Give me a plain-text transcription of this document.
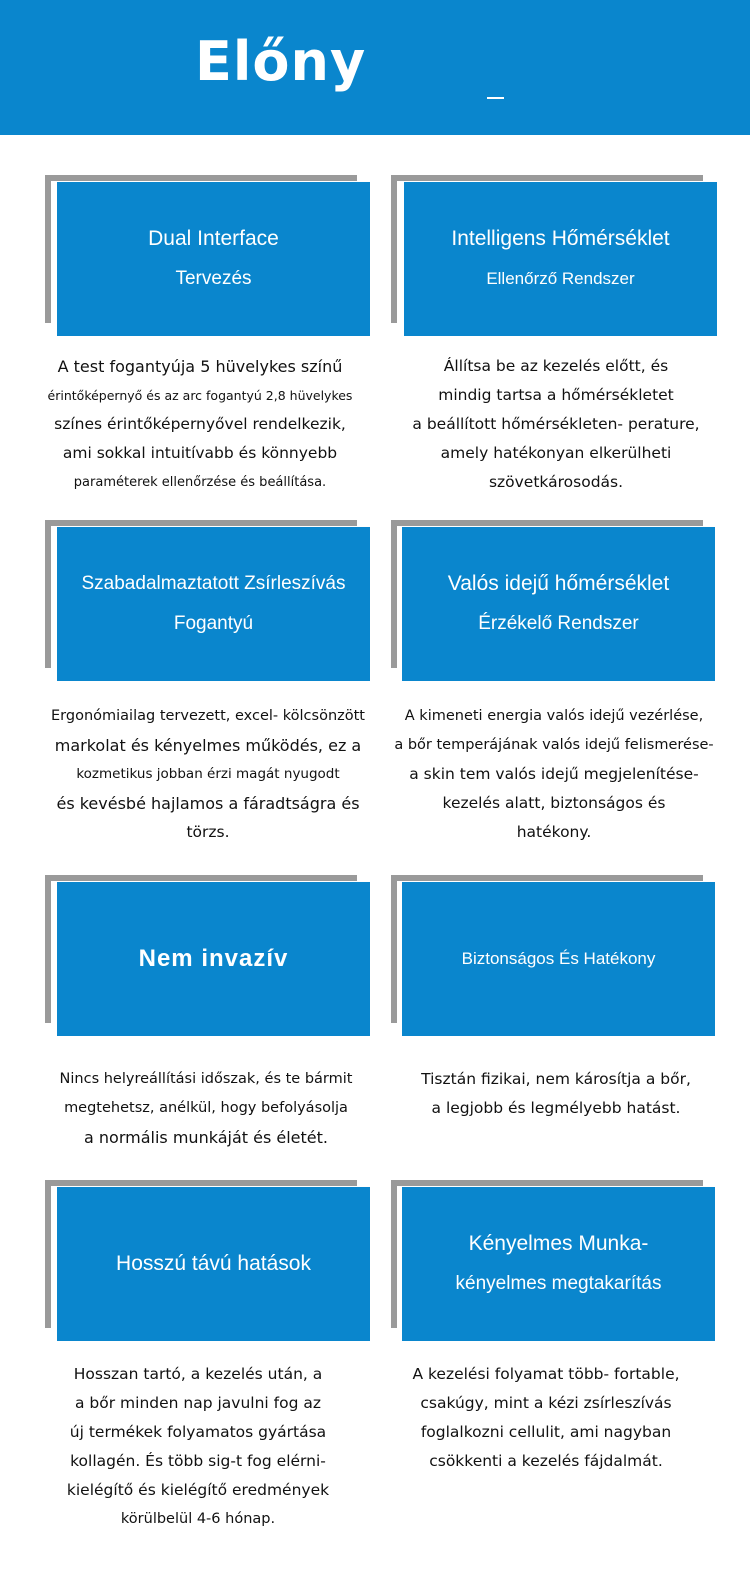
Előny
Dual Interface
Tervezés
A test fogantyúja 5 hüvelykes színű
érintőképernyő és az arc fogantyú 2,8 hüvelykes
színes érintőképernyővel rendelkezik,
ami sokkal intuitívabb és könnyebb
paraméterek ellenőrzése és beállítása.
Intelligens Hőmérséklet
Ellenőrző Rendszer
Állítsa be az kezelés előtt, és
mindig tartsa a hőmérsékletet
a beállított hőmérsékleten- perature,
amely hatékonyan elkerülheti
szövetkárosodás.
Szabadalmaztatott Zsírleszívás
Fogantyú
Ergonómiailag tervezett, excel- kölcsönzött
markolat és kényelmes működés, ez a
kozmetikus jobban érzi magát nyugodt
és kevésbé hajlamos a fáradtságra és
törzs.
Valós idejű hőmérséklet
Érzékelő Rendszer
A kimeneti energia valós idejű vezérlése,
a bőr temperájának valós idejű felismerése-
a skin tem valós idejű megjelenítése-
kezelés alatt, biztonságos és
hatékony.
Nem invazív
Nincs helyreállítási időszak, és te bármit
megtehetsz, anélkül, hogy befolyásolja
a normális munkáját és életét.
Biztonságos És Hatékony
Tisztán fizikai, nem károsítja a bőr,
a legjobb és legmélyebb hatást.
Hosszú távú hatások
Hosszan tartó, a kezelés után, a
a bőr minden nap javulni fog az
új termékek folyamatos gyártása
kollagén. És több sig-t fog elérni-
kielégítő és kielégítő eredmények
körülbelül 4-6 hónap.
Kényelmes Munka-
kényelmes megtakarítás
A kezelési folyamat több- fortable,
csakúgy, mint a kézi zsírleszívás
foglalkozni cellulit, ami nagyban
csökkenti a kezelés fájdalmát.
